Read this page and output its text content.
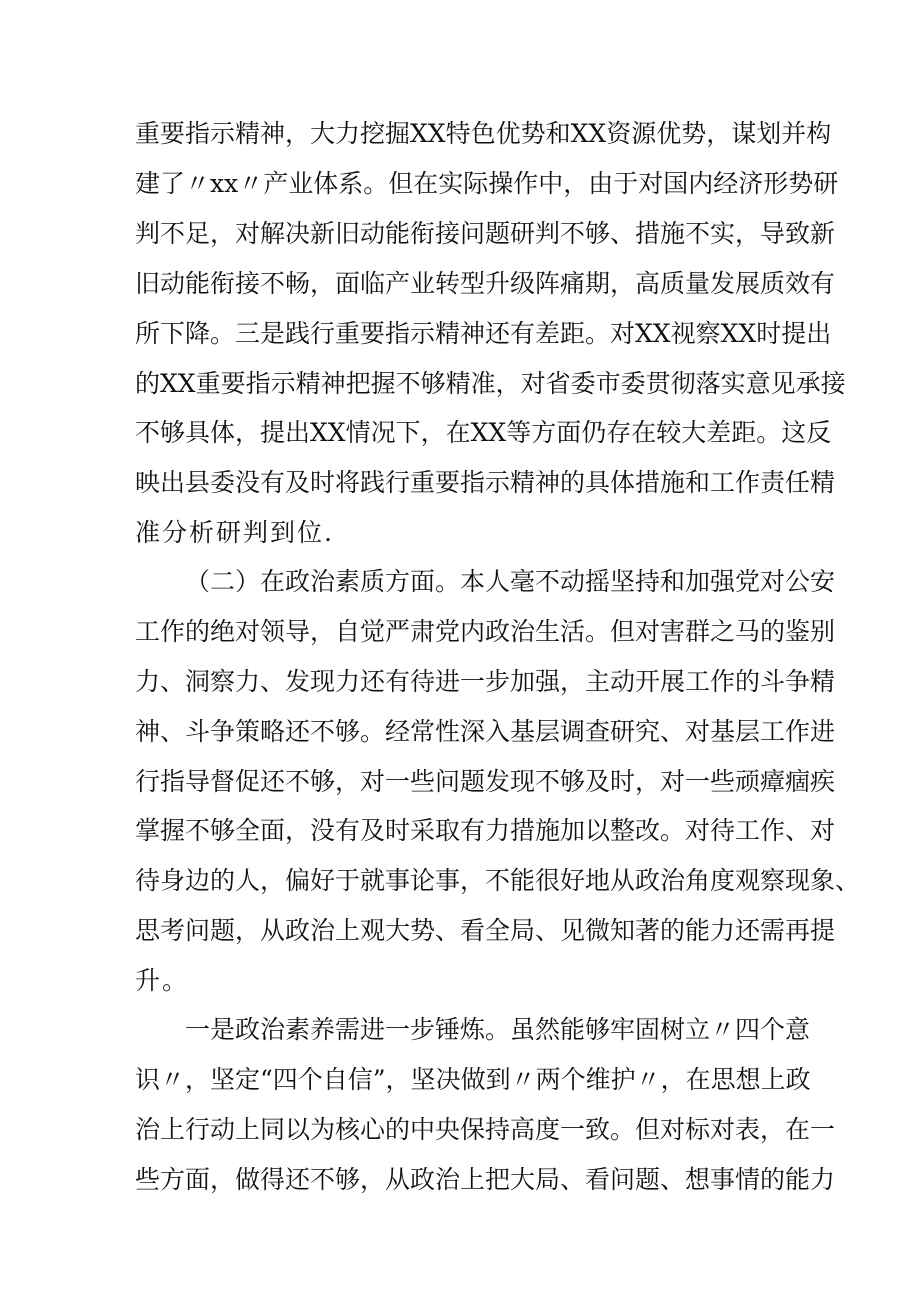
重要指示精神，大力挖掘XX特色优势和XX资源优势，谋划并构
建了〃xx〃产业体系。但在实际操作中，由于对国内经济形势研
判不足，对解决新旧动能衔接问题研判不够、措施不实，导致新
旧动能衔接不畅，面临产业转型升级阵痛期，高质量发展质效有
所下降。三是践行重要指示精神还有差距。对XX视察XX时提出
的XX重要指示精神把握不够精准，对省委市委贯彻落实意见承接
不够具体，提出XX情况下，在XX等方面仍存在较大差距。这反
映出县委没有及时将践行重要指示精神的具体措施和工作责任精
准分析研判到位.
（二）在政治素质方面。本人毫不动摇坚持和加强党对公安
工作的绝对领导，自觉严肃党内政治生活。但对害群之马的鉴别
力、洞察力、发现力还有待进一步加强，主动开展工作的斗争精
神、斗争策略还不够。经常性深入基层调查研究、对基层工作进
行指导督促还不够，对一些问题发现不够及时，对一些顽瘴痼疾
掌握不够全面，没有及时采取有力措施加以整改。对待工作、对
待身边的人，偏好于就事论事，不能很好地从政治角度观察现象、
思考问题，从政治上观大势、看全局、见微知著的能力还需再提
升。
一是政治素养需进一步锤炼。虽然能够牢固树立〃四个意
识〃，坚定“四个自信”，坚决做到〃两个维护〃，在思想上政
治上行动上同以为核心的中央保持高度一致。但对标对表，在一
些方面，做得还不够，从政治上把大局、看问题、想事情的能力
